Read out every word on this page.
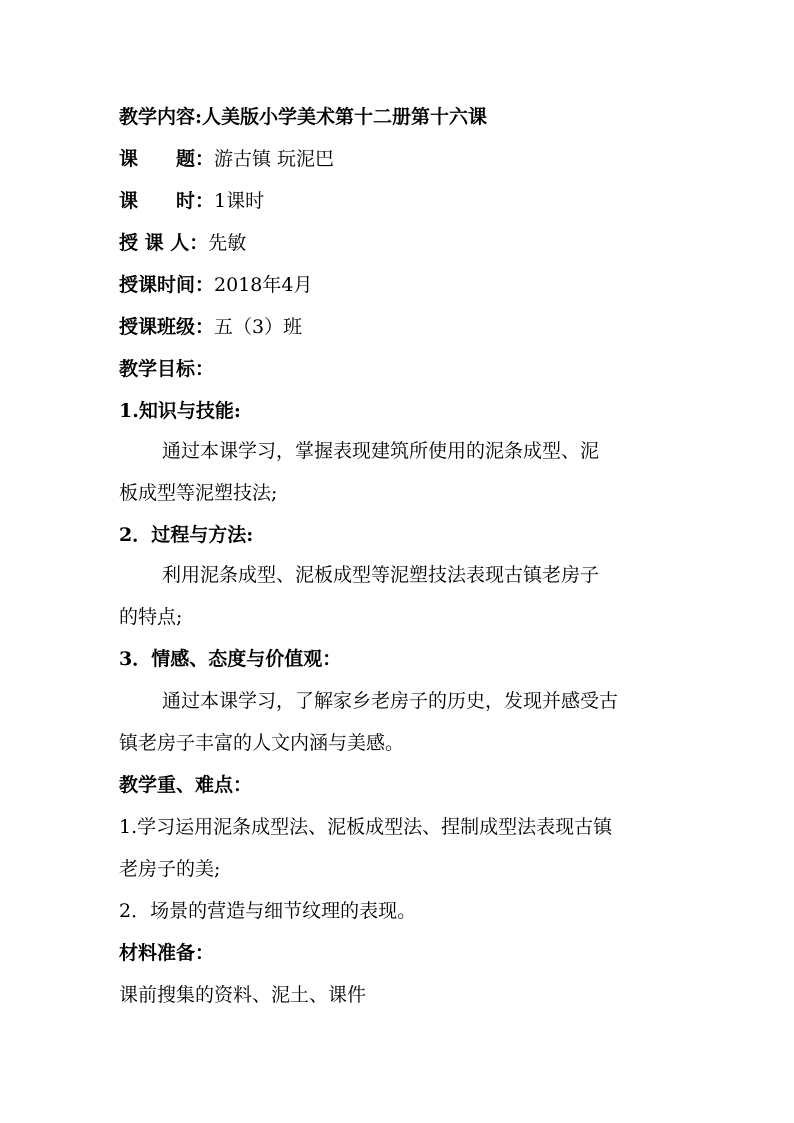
教学内容:人美版小学美术第十二册第十六课
课　　题：游古镇 玩泥巴
课　　时：1课时
授 课 人：先敏
授课时间：2018年4月
授课班级：五（3）班
教学目标：
1.知识与技能:
通过本课学习，掌握表现建筑所使用的泥条成型、泥
板成型等泥塑技法;
2．过程与方法:
利用泥条成型、泥板成型等泥塑技法表现古镇老房子
的特点;
3．情感、态度与价值观：
通过本课学习，了解家乡老房子的历史，发现并感受古
镇老房子丰富的人文内涵与美感。
教学重、难点：
1.学习运用泥条成型法、泥板成型法、捏制成型法表现古镇
老房子的美;
2．场景的营造与细节纹理的表现。
材料准备：
课前搜集的资料、泥土、课件
